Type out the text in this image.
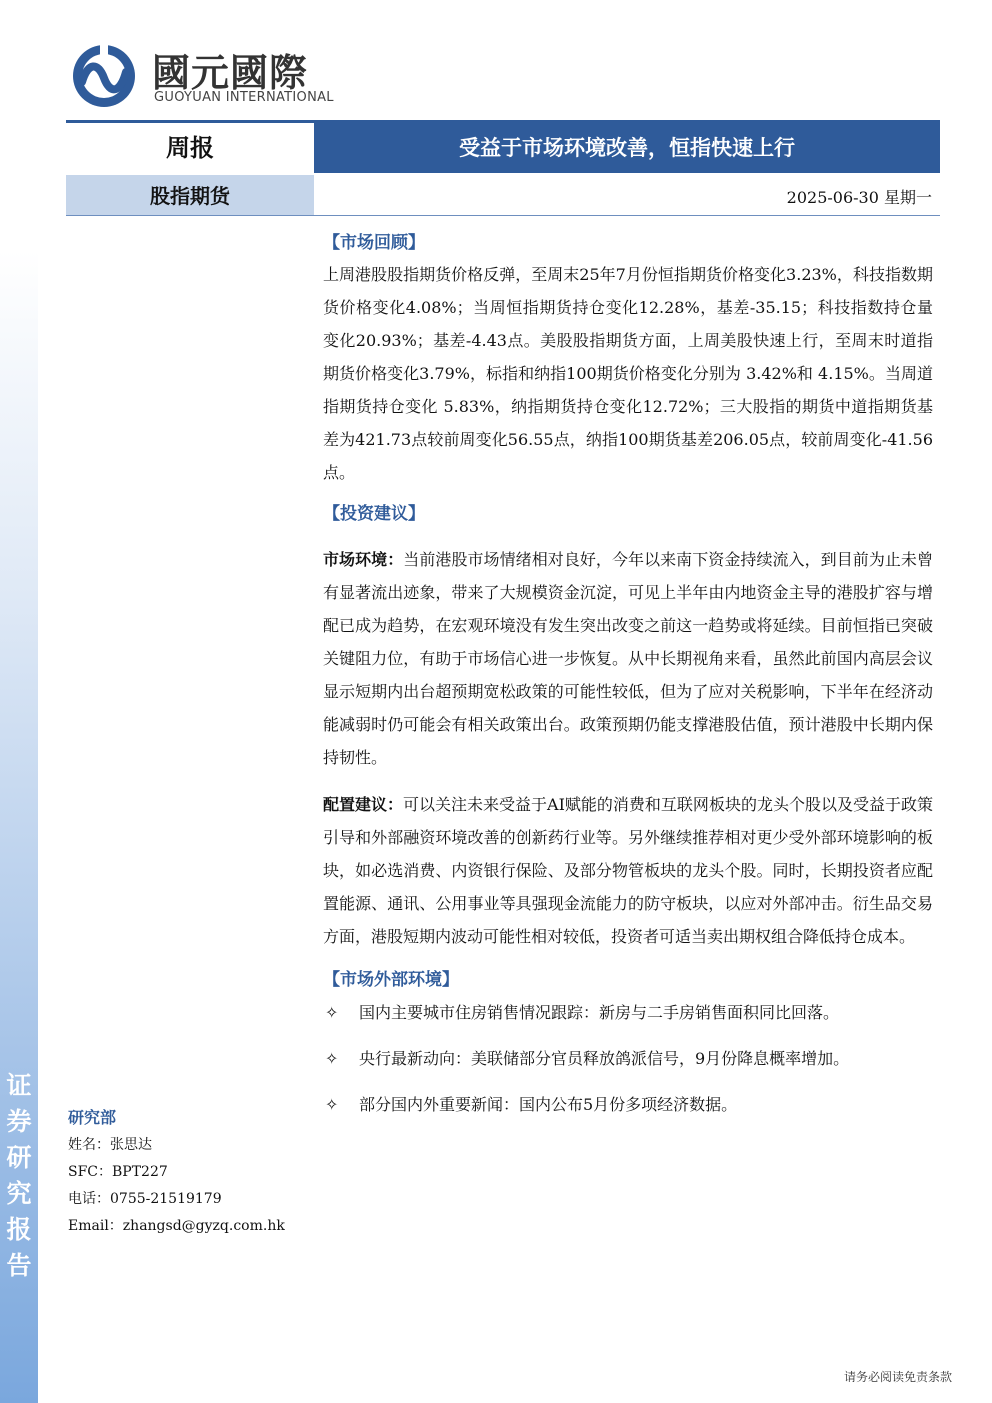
证
券
研
究
报
告
國元國際
GUOYUAN INTERNATIONAL
周报	受益于市场环境改善，恒指快速上行
股指期货	2025-06-30 星期一
【市场回顾】

上周港股股指期货价格反弹，至周末25年7月份恒指期货价格变化3.23%，科技指数期货价格变化4.08%；当周恒指期货持仓变化12.28%，基差-35.15；科技指数持仓量变化20.93%；基差-4.43点。美股股指期货方面，上周美股快速上行，至周末时道指期货价格变化3.79%，标指和纳指100期货价格变化分别为 3.42%和 4.15%。当周道指期货持仓变化 5.83%，纳指期货持仓变化12.72%；三大股指的期货中道指期货基差为421.73点较前周变化56.55点，纳指100期货基差206.05点，较前周变化-41.56点。

【投资建议】

市场环境：当前港股市场情绪相对良好，今年以来南下资金持续流入，到目前为止未曾有显著流出迹象，带来了大规模资金沉淀，可见上半年由内地资金主导的港股扩容与增配已成为趋势，在宏观环境没有发生突出改变之前这一趋势或将延续。目前恒指已突破关键阻力位，有助于市场信心进一步恢复。从中长期视角来看，虽然此前国内高层会议显示短期内出台超预期宽松政策的可能性较低，但为了应对关税影响，下半年在经济动能减弱时仍可能会有相关政策出台。政策预期仍能支撑港股估值，预计港股中长期内保持韧性。

配置建议：可以关注未来受益于AI赋能的消费和互联网板块的龙头个股以及受益于政策引导和外部融资环境改善的创新药行业等。另外继续推荐相对更少受外部环境影响的板块，如必选消费、内资银行保险、及部分物管板块的龙头个股。同时，长期投资者应配置能源、通讯、公用事业等具强现金流能力的防守板块，以应对外部冲击。衍生品交易方面，港股短期内波动可能性相对较低，投资者可适当卖出期权组合降低持仓成本。

【市场外部环境】
✧ 国内主要城市住房销售情况跟踪：新房与二手房销售面积同比回落。
✧ 央行最新动向：美联储部分官员释放鸽派信号，9月份降息概率增加。
✧ 部分国内外重要新闻：国内公布5月份多项经济数据。
研究部
姓名：张思达
SFC：BPT227
电话：0755-21519179
Email：zhangsd@gyzq.com.hk
请务必阅读免责条款
